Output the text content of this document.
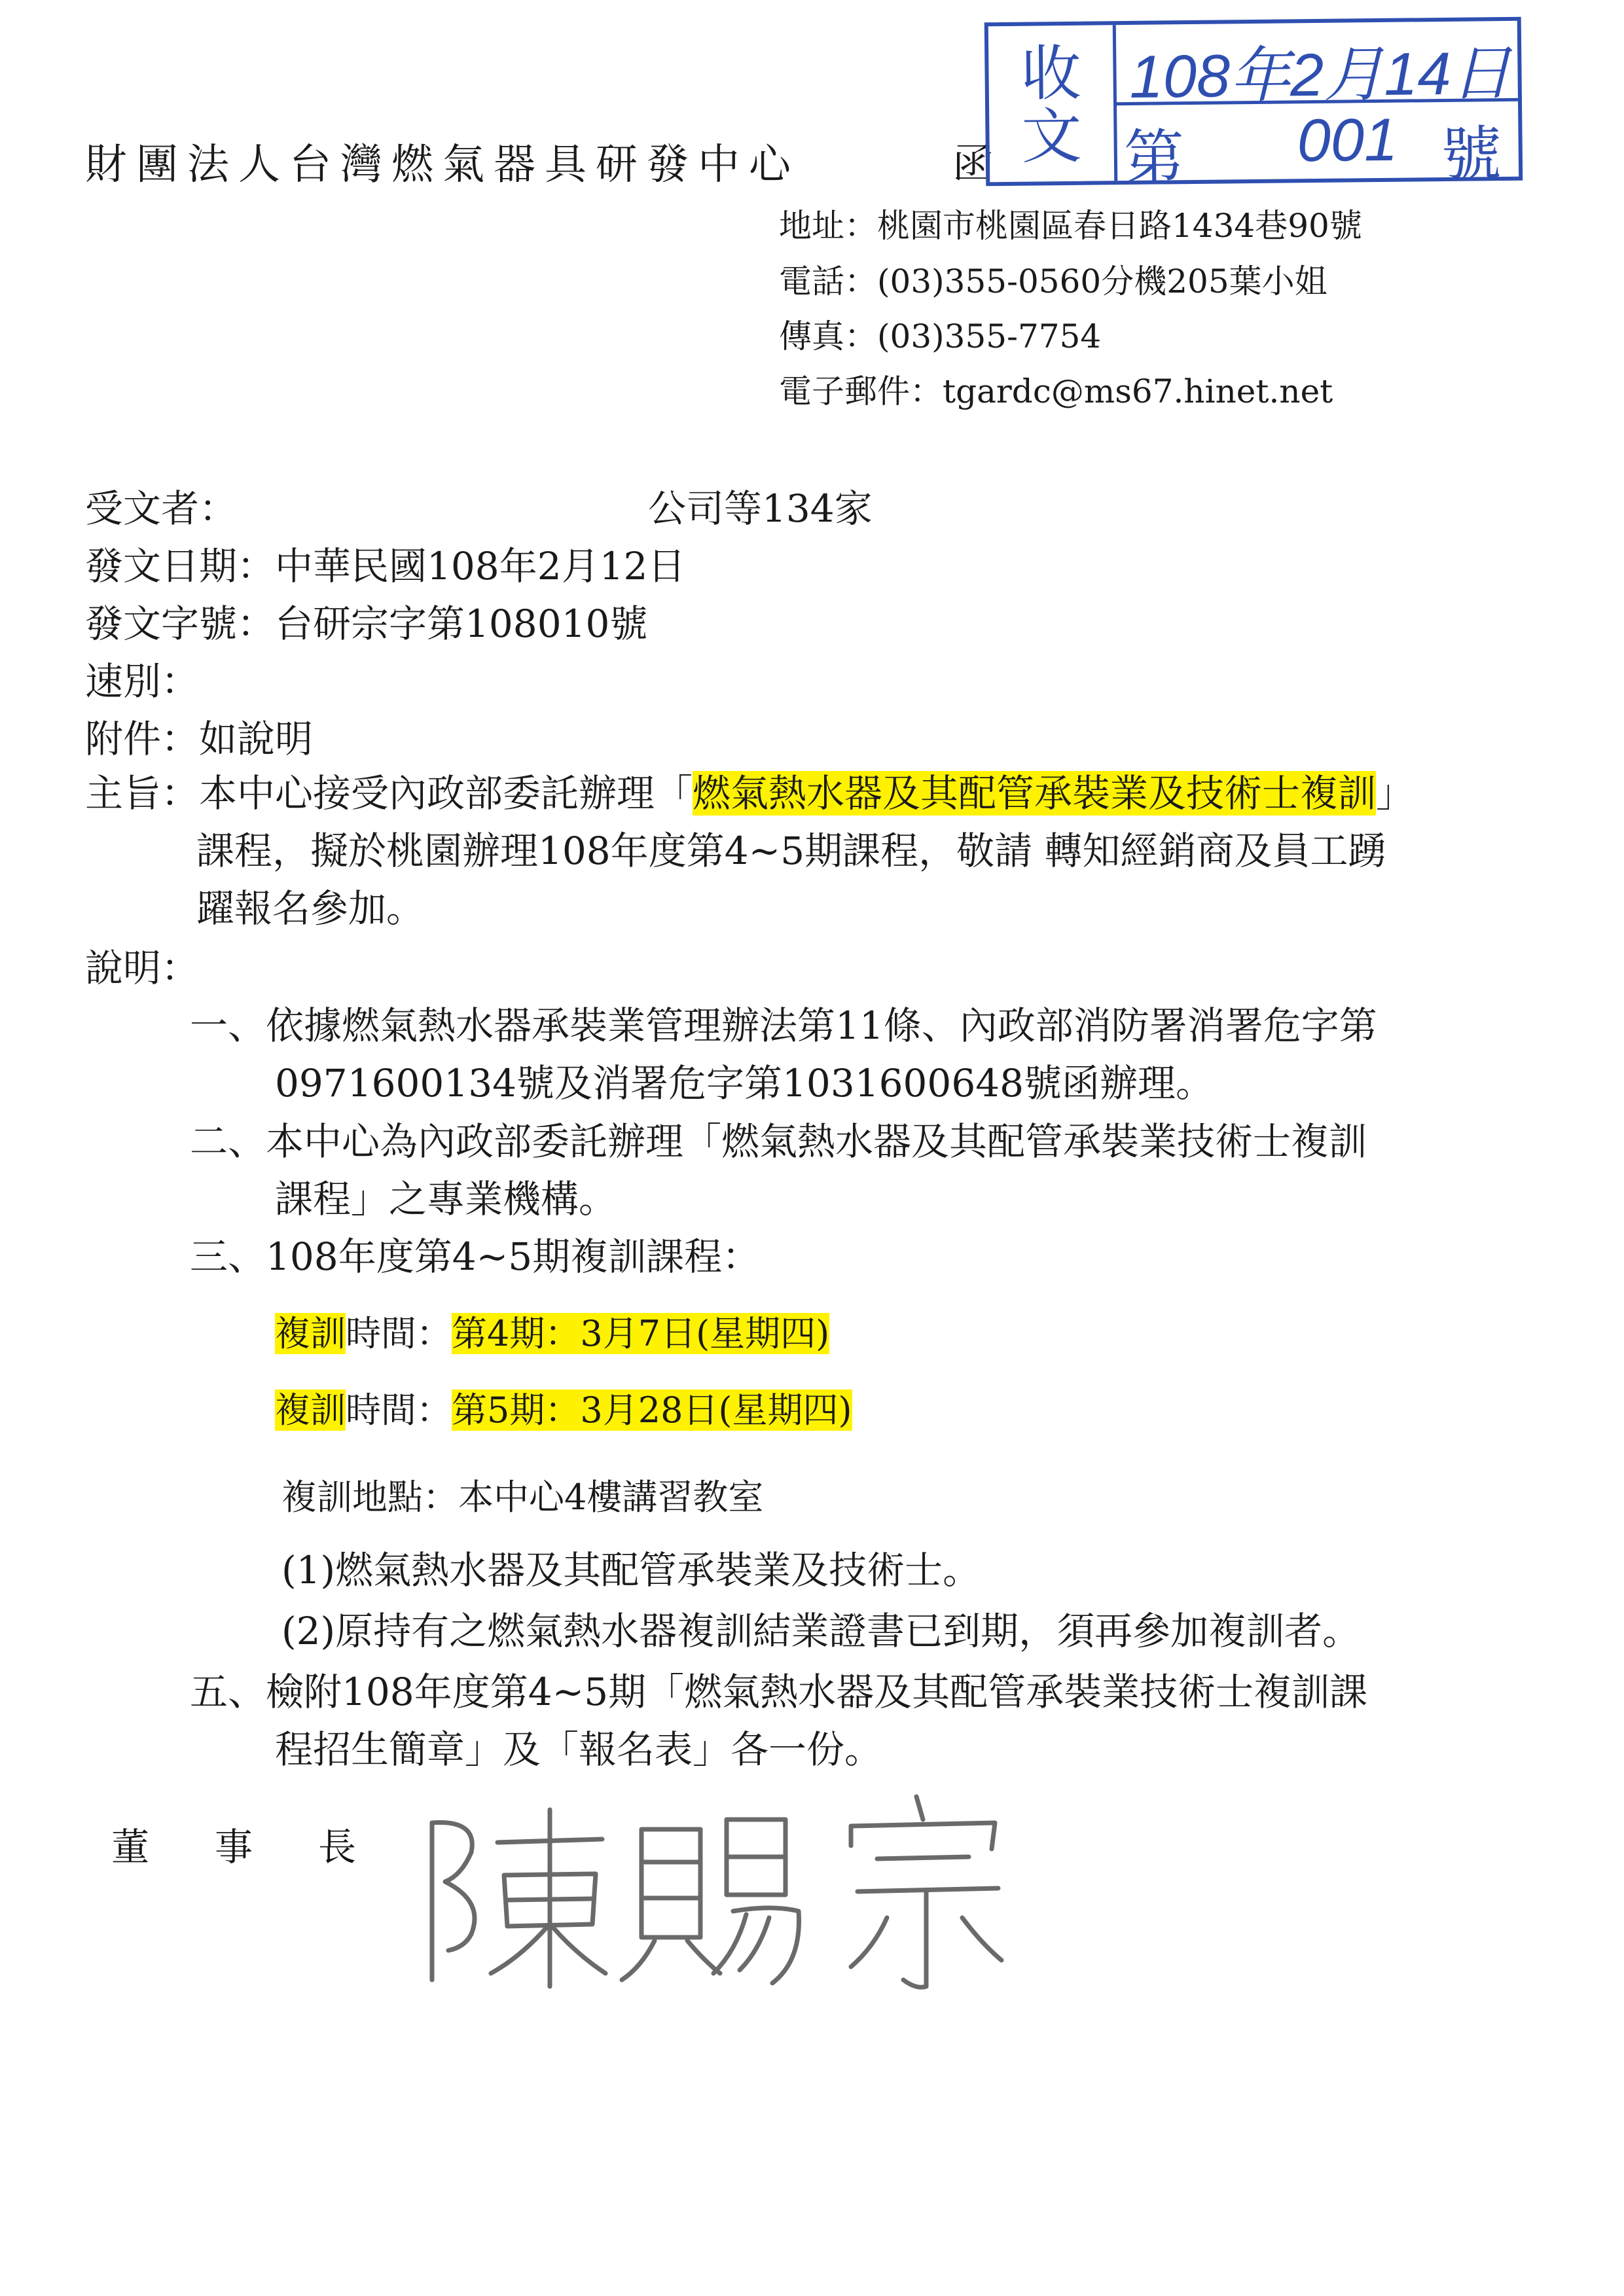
財團法人台灣燃氣器具研發中心	函
收文
108年2月14日
第 001 號
地址：桃園市桃園區春日路1434巷90號
電話：(03)355-0560分機205葉小姐
傳真：(03)355-7754
電子郵件：tgardc@ms67.hinet.net
受文者：	公司等134家
發文日期：中華民國108年2月12日
發文字號：台研宗字第108010號
速別：
附件：如說明
主旨：本中心接受內政部委託辦理「燃氣熱水器及其配管承裝業及技術士複訓」
課程，擬於桃園辦理108年度第4~5期課程，敬請 轉知經銷商及員工踴
躍報名參加。
說明：
一、依據燃氣熱水器承裝業管理辦法第11條、內政部消防署消署危字第
0971600134號及消署危字第1031600648號函辦理。
二、本中心為內政部委託辦理「燃氣熱水器及其配管承裝業技術士複訓
課程」之專業機構。
三、108年度第4~5期複訓課程：
複訓時間：第4期：3月7日(星期四)
複訓時間：第5期：3月28日(星期四)
複訓地點：本中心4樓講習教室
(1)燃氣熱水器及其配管承裝業及技術士。
(2)原持有之燃氣熱水器複訓結業證書已到期，須再參加複訓者。
五、檢附108年度第4~5期「燃氣熱水器及其配管承裝業技術士複訓課
程招生簡章」及「報名表」各一份。
董事長
